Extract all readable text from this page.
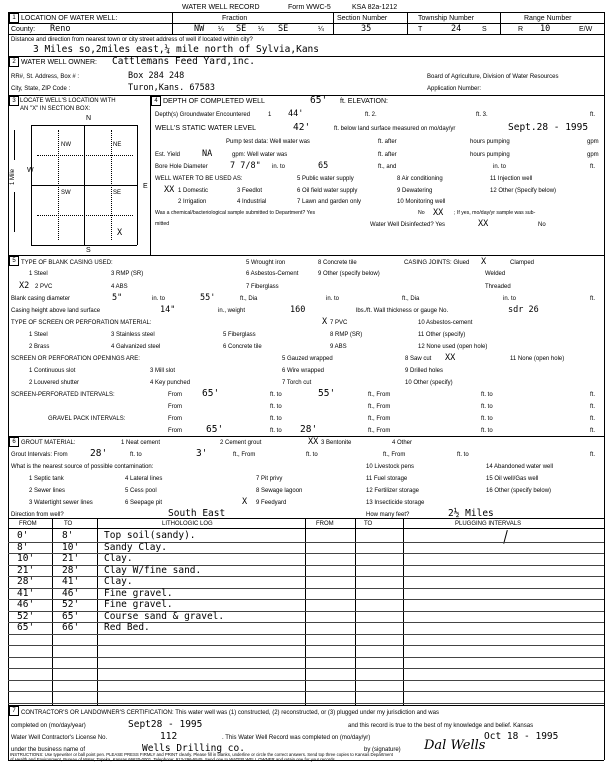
WATER WELL RECORD	Form WWC-5	KSA 82a-1212
1 LOCATION OF WATER WELL:	Fraction	Section Number	Township Number	Range Number
County: Reno	NW ¼ SE ¼ SE	¼	35	T	24	S	R 10	E/W
Distance and direction from nearest town or city street address of well if located within city?
3 Miles so,2miles east,¼ mile north of Sylvia,Kans
2 WATER WELL OWNER: Cattlemans Feed Yard,inc.
RR#, St. Address, Box # :	Box 284 248	Board of Agriculture, Division of Water Resources
City, State, ZIP Code :	Turon,Kans. 67583	Application Number:
3 LOCATE WELL'S LOCATION WITH
AN "X" IN SECTION BOX:
N
S
E
W
1 Mile
NW	NE
SW	SE
X
4 DEPTH OF COMPLETED WELL	65' ft. ELEVATION:
Depth(s) Groundwater Encountered	1 44'	ft. 2.	ft. 3.	ft.
WELL'S STATIC WATER LEVEL	42'	ft. below land surface measured on mo/day/yr	Sept.28 - 1995
Pump test data: Well water was	ft. after	hours pumping	gpm
Est. Yield	NA	gpm: Well water was	ft. after	hours pumping	gpm
Bore Hole Diameter	7 7/8" in. to	65	ft., and	in. to	ft.
WELL WATER TO BE USED AS:	5 Public water supply	8 Air conditioning	11 Injection well
XX 1 Domestic	3 Feedlot	6 Oil field water supply	9 Dewatering	12 Other (Specify below)
2 Irrigation	4 Industrial	7 Lawn and garden only	10 Monitoring well
Was a chemical/bacteriological sample submitted to Department? Yes	No XX ; If yes, mo/day/yr sample was sub-
mitted	Water Well Disinfected? Yes	XX	No
5 TYPE OF BLANK CASING USED:	5 Wrought iron	8 Concrete tile	CASING JOINTS: Glued X	Clamped
1 Steel	3 RMP (SR)	6 Asbestos-Cement	9 Other (specify below)	Welded
X2 2 PVC	4 ABS	7 Fiberglass	Threaded
Blank casing diameter	5"	in. to	55'	ft., Dia	in. to	ft., Dia	in. to	ft.
Casing height above land surface	14"	in., weight	160	lbs./ft. Wall thickness or gauge No.	sdr 26
TYPE OF SCREEN OR PERFORATION MATERIAL:	X 7 PVC	10 Asbestos-cement
1 Steel	3 Stainless steel	5 Fiberglass	8 RMP (SR)	11 Other (specify)
2 Brass	4 Galvanized steel	6 Concrete tile	9 ABS	12 None used (open hole)
SCREEN OR PERFORATION OPENINGS ARE:	5 Gauzed wrapped	8 Saw cut XX	11 None (open hole)
1 Continuous slot	3 Mill slot	6 Wire wrapped	9 Drilled holes
2 Louvered shutter	4 Key punched	7 Torch cut	10 Other (specify)
SCREEN-PERFORATED INTERVALS:	From 65'	ft. to	55'	ft., From	ft. to	ft.
From	ft. to	ft., From	ft. to	ft.
GRAVEL PACK INTERVALS:	From	ft. to	ft., From	ft. to	ft.
From	65'	ft. to 28'	ft., From	ft. to	ft.
6 GROUT MATERIAL:	1 Neat cement	2 Cement grout	XX 3 Bentonite	4 Other
Grout Intervals: From 28'	ft. to	3'	ft., From	ft. to	ft., From	ft. to	ft.
What is the nearest source of possible contamination:	10 Livestock pens	14 Abandoned water well
1 Septic tank	4 Lateral lines	7 Pit privy	11 Fuel storage	15 Oil well/Gas well
2 Sewer lines	5 Cess pool	8 Sewage lagoon	12 Fertilizer storage	16 Other (specify below)
3 Watertight sewer lines	6 Seepage pit	X 9 Feedyard	13 Insecticide storage
Direction from well?	South East	How many feet?	2½ Miles
FROM	TO	LITHOLOGIC LOG	FROM	TO	PLUGGING INTERVALS
0'	8'	Top soil(sandy).
8'	10'	Sandy Clay.
10'	21'	Clay.
21'	28'	Clay W/fine sand.
28'	41'	Clay.
41'	46'	Fine gravel.
46'	52'	Fine gravel.
52'	65'	Course sand & gravel.
65'	66'	Red Bed.
7 CONTRACTOR'S OR LANDOWNER'S CERTIFICATION: This water well was (1) constructed, (2) reconstructed, or (3) plugged under my jurisdiction and was
completed on (mo/day/year)	Sept28 - 1995	and this record is true to the best of my knowledge and belief. Kansas
Water Well Contractor's License No.	112	. This Water Well Record was completed on (mo/day/yr)	Oct 18 - 1995
under the business name of	Wells Drilling co.	by (signature) Dal Wells
INSTRUCTIONS: Use typewriter or ball point pen. PLEASE PRESS FIRMLY and PRINT clearly. Please fill in blanks, underline or circle the correct answers. Send top three copies to Kansas Department
of Health and Environment, Bureau of Water, Topeka, Kansas 66620-0001. Telephone: 913-296-5545. Send one to WATER WELL OWNER and retain one for your records.
